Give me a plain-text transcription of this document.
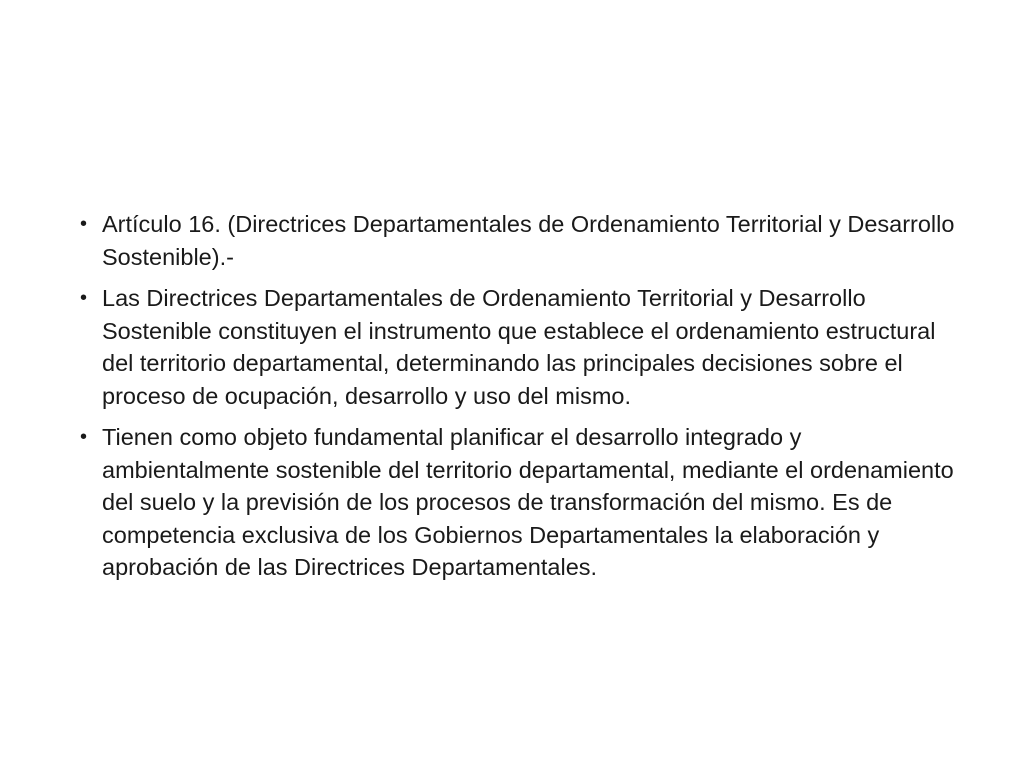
• Artículo 16. (Directrices Departamentales de Ordenamiento Territorial y Desarrollo Sostenible).-
• Las Directrices Departamentales de Ordenamiento Territorial y Desarrollo Sostenible constituyen el instrumento que establece el ordenamiento estructural del territorio departamental, determinando las principales decisiones sobre el proceso de ocupación, desarrollo y uso del mismo.
• Tienen como objeto fundamental planificar el desarrollo integrado y ambientalmente sostenible del territorio departamental, mediante el ordenamiento del suelo y la previsión de los procesos de transformación del mismo. Es de competencia exclusiva de los Gobiernos Departamentales la elaboración y aprobación de las Directrices Departamentales.
